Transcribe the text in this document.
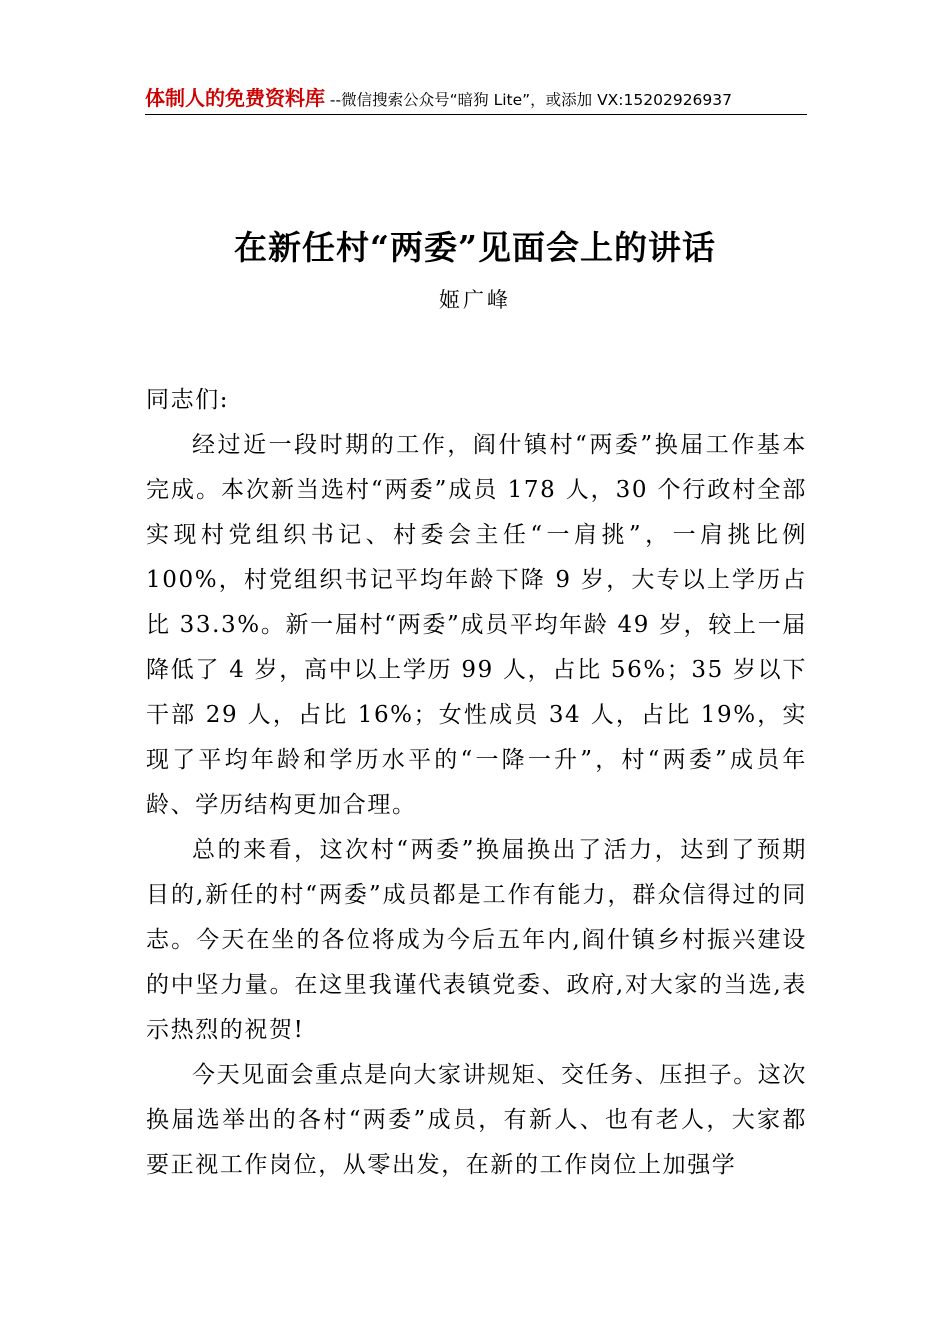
体制人的免费资料库 --微信搜索公众号“暗狗 Lite”，或添加 VX:15202926937
在新任村“两委”见面会上的讲话
姬广峰

同志们:

经过近一段时期的工作，阎什镇村“两委”换届工作基本完成。本次新当选村“两委”成员 178 人，30 个行政村全部实现村党组织书记、村委会主任“一肩挑”，一肩挑比例 100%，村党组织书记平均年龄下降 9 岁，大专以上学历占比 33.3%。新一届村“两委”成员平均年龄 49 岁，较上一届降低了 4 岁，高中以上学历 99 人，占比 56%；35 岁以下干部 29 人，占比 16%；女性成员 34 人，占比 19%，实现了平均年龄和学历水平的“一降一升”，村“两委”成员年龄、学历结构更加合理。

总的来看，这次村“两委”换届换出了活力，达到了预期目的,新任的村“两委”成员都是工作有能力，群众信得过的同志。今天在坐的各位将成为今后五年内,阎什镇乡村振兴建设的中坚力量。在这里我谨代表镇党委、政府,对大家的当选,表示热烈的祝贺!

今天见面会重点是向大家讲规矩、交任务、压担子。这次换届选举出的各村“两委”成员，有新人、也有老人，大家都要正视工作岗位，从零出发，在新的工作岗位上加强学
